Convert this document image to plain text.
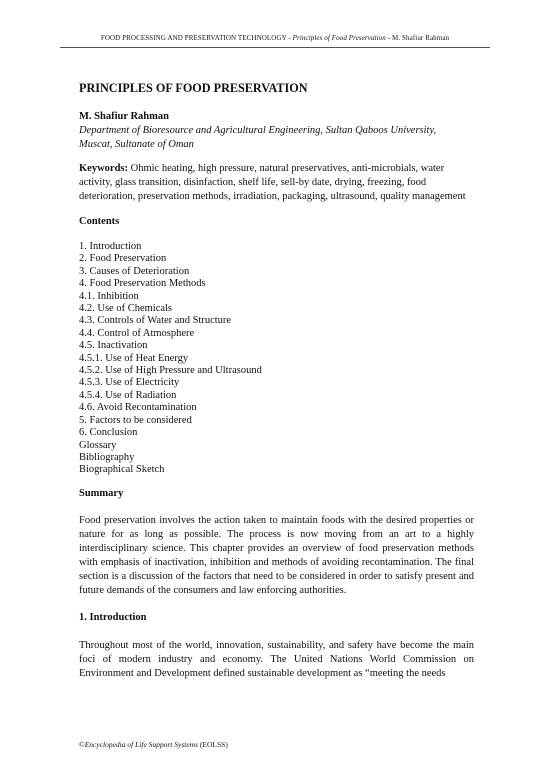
FOOD PROCESSING AND PRESERVATION TECHNOLOGY - Principles of Food Preservation - M. Shafiur Rahman
PRINCIPLES OF FOOD PRESERVATION
M. Shafiur Rahman
Department of Bioresource and Agricultural Engineering, Sultan Qaboos University,
Muscat, Sultanate of Oman
Keywords: Ohmic heating, high pressure, natural preservatives, anti-microbials, water activity, glass transition, disinfaction, shelf life, sell-by date, drying, freezing, food deterioration, preservation methods, irradiation, packaging, ultrasound, quality management
Contents
1. Introduction
2. Food Preservation
3. Causes of Deterioration
4. Food Preservation Methods
4.1. Inhibition
4.2. Use of Chemicals
4.3. Controls of Water and Structure
4.4. Control of Atmosphere
4.5. Inactivation
4.5.1. Use of Heat Energy
4.5.2. Use of High Pressure and Ultrasound
4.5.3. Use of Electricity
4.5.4. Use of Radiation
4.6. Avoid Recontamination
5. Factors to be considered
6. Conclusion
Glossary
Bibliography
Biographical Sketch
Summary

Food preservation involves the action taken to maintain foods with the desired properties or nature for as long as possible. The process is now moving from an art to a highly interdisciplinary science. This chapter provides an overview of food preservation methods with emphasis of inactivation, inhibition and methods of avoiding recontamination. The final section is a discussion of the factors that need to be considered in order to satisfy present and future demands of the consumers and law enforcing authorities.

1. Introduction

Throughout most of the world, innovation, sustainability, and safety have become the main foci of modern industry and economy. The United Nations World Commission on Environment and Development defined sustainable development as “meeting the needs

©Encyclopedia of Life Support Systems (EOLSS)
